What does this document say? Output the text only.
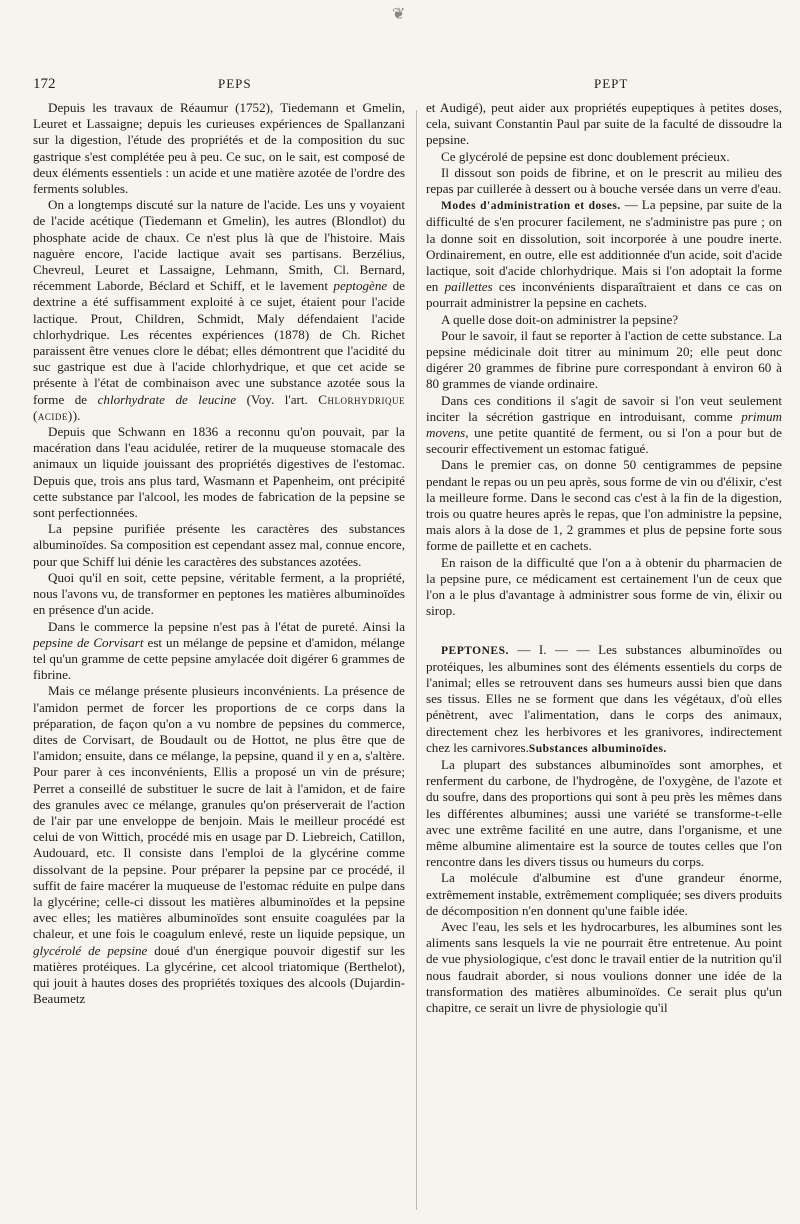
❦
172	PEPS	PEPT

Depuis les travaux de Réaumur (1752), Tiedemann et Gmelin, Leuret et Lassaigne; depuis les curieuses expériences de Spallanzani sur la digestion, l'étude des propriétés et de la composition du suc gastrique s'est complétée peu à peu. Ce suc, on le sait, est composé de deux éléments essentiels : un acide et une matière azotée de l'ordre des ferments solubles.

On a longtemps discuté sur la nature de l'acide. Les uns y voyaient de l'acide acétique (Tiedemann et Gmelin), les autres (Blondlot) du phosphate acide de chaux. Ce n'est plus là que de l'histoire. Mais naguère encore, l'acide lactique avait ses partisans. Berzélius, Chevreul, Leuret et Lassaigne, Lehmann, Smith, Cl. Bernard, récemment Laborde, Béclard et Schiff, et le lavement peptogène de dextrine a été suffisamment exploité à ce sujet, étaient pour l'acide lactique. Prout, Children, Schmidt, Maly défendaient l'acide chlorhydrique. Les récentes expériences (1878) de Ch. Richet paraissent être venues clore le débat; elles démontrent que l'acidité du suc gastrique est due à l'acide chlorhydrique, et que cet acide se présente à l'état de combinaison avec une substance azotée sous la forme de chlorhydrate de leucine (Voy. l'art. Chlorhydrique (acide)).

Depuis que Schwann en 1836 a reconnu qu'on pouvait, par la macération dans l'eau acidulée, retirer de la muqueuse stomacale des animaux un liquide jouissant des propriétés digestives de l'estomac. Depuis que, trois ans plus tard, Wasmann et Papenheim, ont précipité cette substance par l'alcool, les modes de fabrication de la pepsine se sont perfectionnées.

La pepsine purifiée présente les caractères des substances albuminoïdes. Sa composition est cependant assez mal, connue encore, pour que Schiff lui dénie les caractères des substances azotées.

Quoi qu'il en soit, cette pepsine, véritable ferment, a la propriété, nous l'avons vu, de transformer en peptones les matières albuminoïdes en présence d'un acide.

Dans le commerce la pepsine n'est pas à l'état de pureté. Ainsi la pepsine de Corvisart est un mélange de pepsine et d'amidon, mélange tel qu'un gramme de cette pepsine amylacée doit digérer 6 grammes de fibrine.

Mais ce mélange présente plusieurs inconvénients. La présence de l'amidon permet de forcer les proportions de ce corps dans la préparation, de façon qu'on a vu nombre de pepsines du commerce, dites de Corvisart, de Boudault ou de Hottot, ne plus être que de l'amidon; ensuite, dans ce mélange, la pepsine, quand il y en a, s'altère. Pour parer à ces inconvénients, Ellis a proposé un vin de présure; Perret a conseillé de substituer le sucre de lait à l'amidon, et de faire des granules avec ce mélange, granules qu'on préserverait de l'action de l'air par une enveloppe de benjoin. Mais le meilleur procédé est celui de von Wittich, procédé mis en usage par D. Liebreich, Catillon, Audouard, etc. Il consiste dans l'emploi de la glycérine comme dissolvant de la pepsine. Pour préparer la pepsine par ce procédé, il suffit de faire macérer la muqueuse de l'estomac réduite en pulpe dans la glycérine; celle-ci dissout les matières albuminoïdes et la pepsine avec elles; les matières albuminoïdes sont ensuite coagulées par la chaleur, et une fois le coagulum enlevé, reste un liquide pepsique, un glycérolé de pepsine doué d'un énergique pouvoir digestif sur les matières protéiques. La glycérine, cet alcool triatomique (Berthelot), qui jouit à hautes doses des propriétés toxiques des alcools (Dujardin-Beaumetz

et Audigé), peut aider aux propriétés eupeptiques à petites doses, cela, suivant Constantin Paul par suite de la faculté de dissoudre la pepsine.

Ce glycérolé de pepsine est donc doublement précieux.

Il dissout son poids de fibrine, et on le prescrit au milieu des repas par cuillerée à dessert ou à bouche versée dans un verre d'eau.

Modes d'administration et doses. — La pepsine, par suite de la difficulté de s'en procurer facilement, ne s'administre pas pure ; on la donne soit en dissolution, soit incorporée à une poudre inerte. Ordinairement, en outre, elle est additionnée d'un acide, soit d'acide lactique, soit d'acide chlorhydrique. Mais si l'on adoptait la forme en paillettes ces inconvénients disparaîtraient et dans ce cas on pourrait administrer la pepsine en cachets.

A quelle dose doit-on administrer la pepsine?

Pour le savoir, il faut se reporter à l'action de cette substance. La pepsine médicinale doit titrer au minimum 20; elle peut donc digérer 20 grammes de fibrine pure correspondant à environ 60 à 80 grammes de viande ordinaire.

Dans ces conditions il s'agit de savoir si l'on veut seulement inciter la sécrétion gastrique en introduisant, comme primum movens, une petite quantité de ferment, ou si l'on a pour but de secourir effectivement un estomac fatigué.

Dans le premier cas, on donne 50 centigrammes de pepsine pendant le repas ou un peu après, sous forme de vin ou d'élixir, c'est la meilleure forme. Dans le second cas c'est à la fin de la digestion, trois ou quatre heures après le repas, que l'on administre la pepsine, mais alors à la dose de 1, 2 grammes et plus de pepsine forte sous forme de paillette et en cachets.

En raison de la difficulté que l'on a à obtenir du pharmacien de la pepsine pure, ce médicament est certainement l'un de ceux que l'on a le plus d'avantage à administrer sous forme de vin, élixir ou sirop.

PEPTONES. — I. — — Les substances albuminoïdes ou protéiques, les albumines sont des éléments essentiels du corps de l'animal; elles se retrouvent dans ses humeurs aussi bien que dans ses tissus. Elles ne se forment que dans les végétaux, d'où elles pénètrent, avec l'alimentation, dans le corps des animaux, directement chez les herbivores et les granivores, indirectement chez les carnivores.Substances albuminoïdes.

La plupart des substances albuminoïdes sont amorphes, et renferment du carbone, de l'hydrogène, de l'oxygène, de l'azote et du soufre, dans des proportions qui sont à peu près les mêmes dans les différentes albumines; aussi une variété se transforme-t-elle avec une extrême facilité en une autre, dans l'organisme, et une même albumine alimentaire est la source de toutes celles que l'on rencontre dans les divers tissus ou humeurs du corps.

La molécule d'albumine est d'une grandeur énorme, extrêmement instable, extrêmement compliquée; ses divers produits de décomposition n'en donnent qu'une faible idée.

Avec l'eau, les sels et les hydrocarbures, les albumines sont les aliments sans lesquels la vie ne pourrait être entretenue. Au point de vue physiologique, c'est donc le travail entier de la nutrition qu'il nous faudrait aborder, si nous voulions donner une idée de la transformation des matières albuminoïdes. Ce serait plus qu'un chapitre, ce serait un livre de physiologie qu'il
